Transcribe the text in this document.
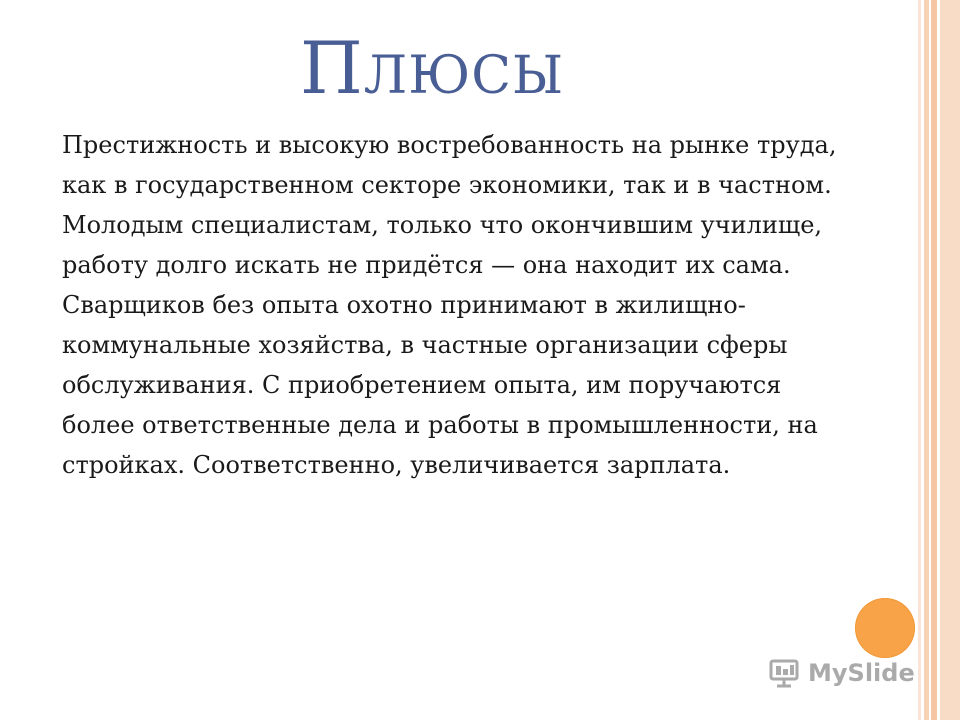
ПЛЮСЫ

Престижность и высокую востребованность на рынке труда, как в государственном секторе экономики, так и в частном. Молодым специалистам, только что окончившим училище, работу долго искать не придётся — она находит их сама. Сварщиков без опыта охотно принимают в жилищно-коммунальные хозяйства, в частные организации сферы обслуживания. С приобретением опыта, им поручаются более ответственные дела и работы в промышленности, на стройках. Соответственно, увеличивается зарплата.

MySlide
